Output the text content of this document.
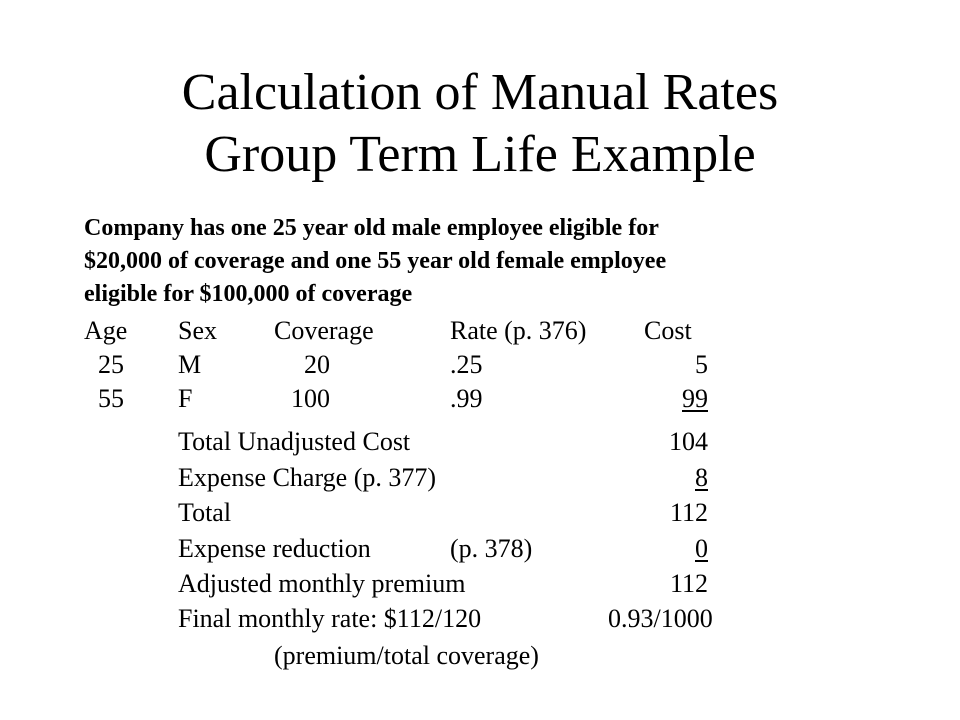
Calculation of Manual Rates
Group Term Life Example
Company has one 25 year old male employee eligible for
$20,000 of coverage and one 55 year old female employee
eligible for $100,000 of coverage
Age Sex Coverage	Rate (p. 376) Cost
25 M	20	.25	5
55 F	100	.99	99
Total Unadjusted Cost	104
Expense Charge (p. 377)	8
Total	112
Expense reduction	(p. 378)	0
Adjusted monthly premium	112
Final monthly rate: $112/120	0.93/1000
(premium/total coverage)
